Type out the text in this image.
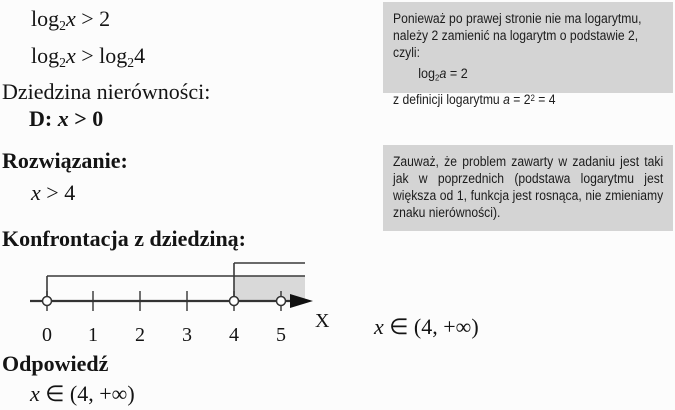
$\log_2x > 2$
$\log_2x > \log_24$
Dziedzina nierówności:
D: x > 0
Rozwiązanie:
x > 4
Konfrontacja z dziedziną:
0 1 2 3 4 5
X x ∈ (4, +∞)
Odpowiedź
x ∈ (4, +∞)
Ponieważ po prawej stronie nie ma logarytmu, należy 2 zamienić na logarytm o podstawie 2, czyli:
$\log_2a = 2$
z definicji logarytmu $a = 2^2 = 4$
Zauważ, że problem zawarty w zadaniu jest taki jak w poprzednich (podstawa logarytmu jest większa od 1, funkcja jest rosnąca, nie zmieniamy znaku nierówności).
